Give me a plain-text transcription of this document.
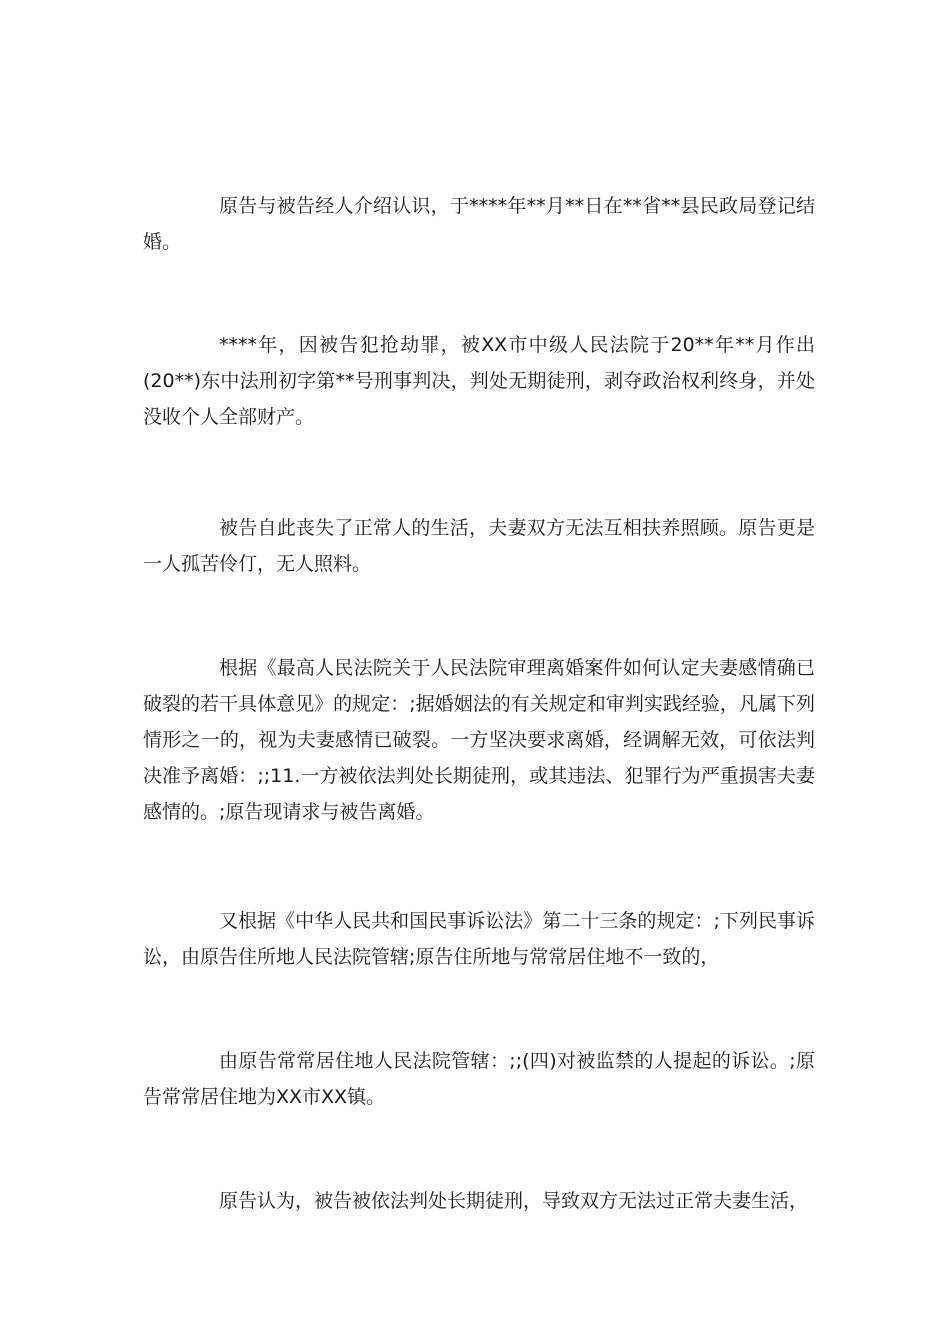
原告与被告经人介绍认识，于****年**月**日在**省**县民政局登记结婚。

****年，因被告犯抢劫罪，被XX市中级人民法院于20**年**月作出(20**)东中法刑初字第**号刑事判决，判处无期徒刑，剥夺政治权利终身，并处没收个人全部财产。

被告自此丧失了正常人的生活，夫妻双方无法互相扶养照顾。原告更是一人孤苦伶仃，无人照料。

根据《最高人民法院关于人民法院审理离婚案件如何认定夫妻感情确已破裂的若干具体意见》的规定：;据婚姻法的有关规定和审判实践经验，凡属下列情形之一的，视为夫妻感情已破裂。一方坚决要求离婚，经调解无效，可依法判决准予离婚：;;11.一方被依法判处长期徒刑，或其违法、犯罪行为严重损害夫妻感情的。;原告现请求与被告离婚。

又根据《中华人民共和国民事诉讼法》第二十三条的规定：;下列民事诉讼，由原告住所地人民法院管辖;原告住所地与常常居住地不一致的，

由原告常常居住地人民法院管辖：;;(四)对被监禁的人提起的诉讼。;原告常常居住地为XX市XX镇。

原告认为，被告被依法判处长期徒刑，导致双方无法过正常夫妻生活，
